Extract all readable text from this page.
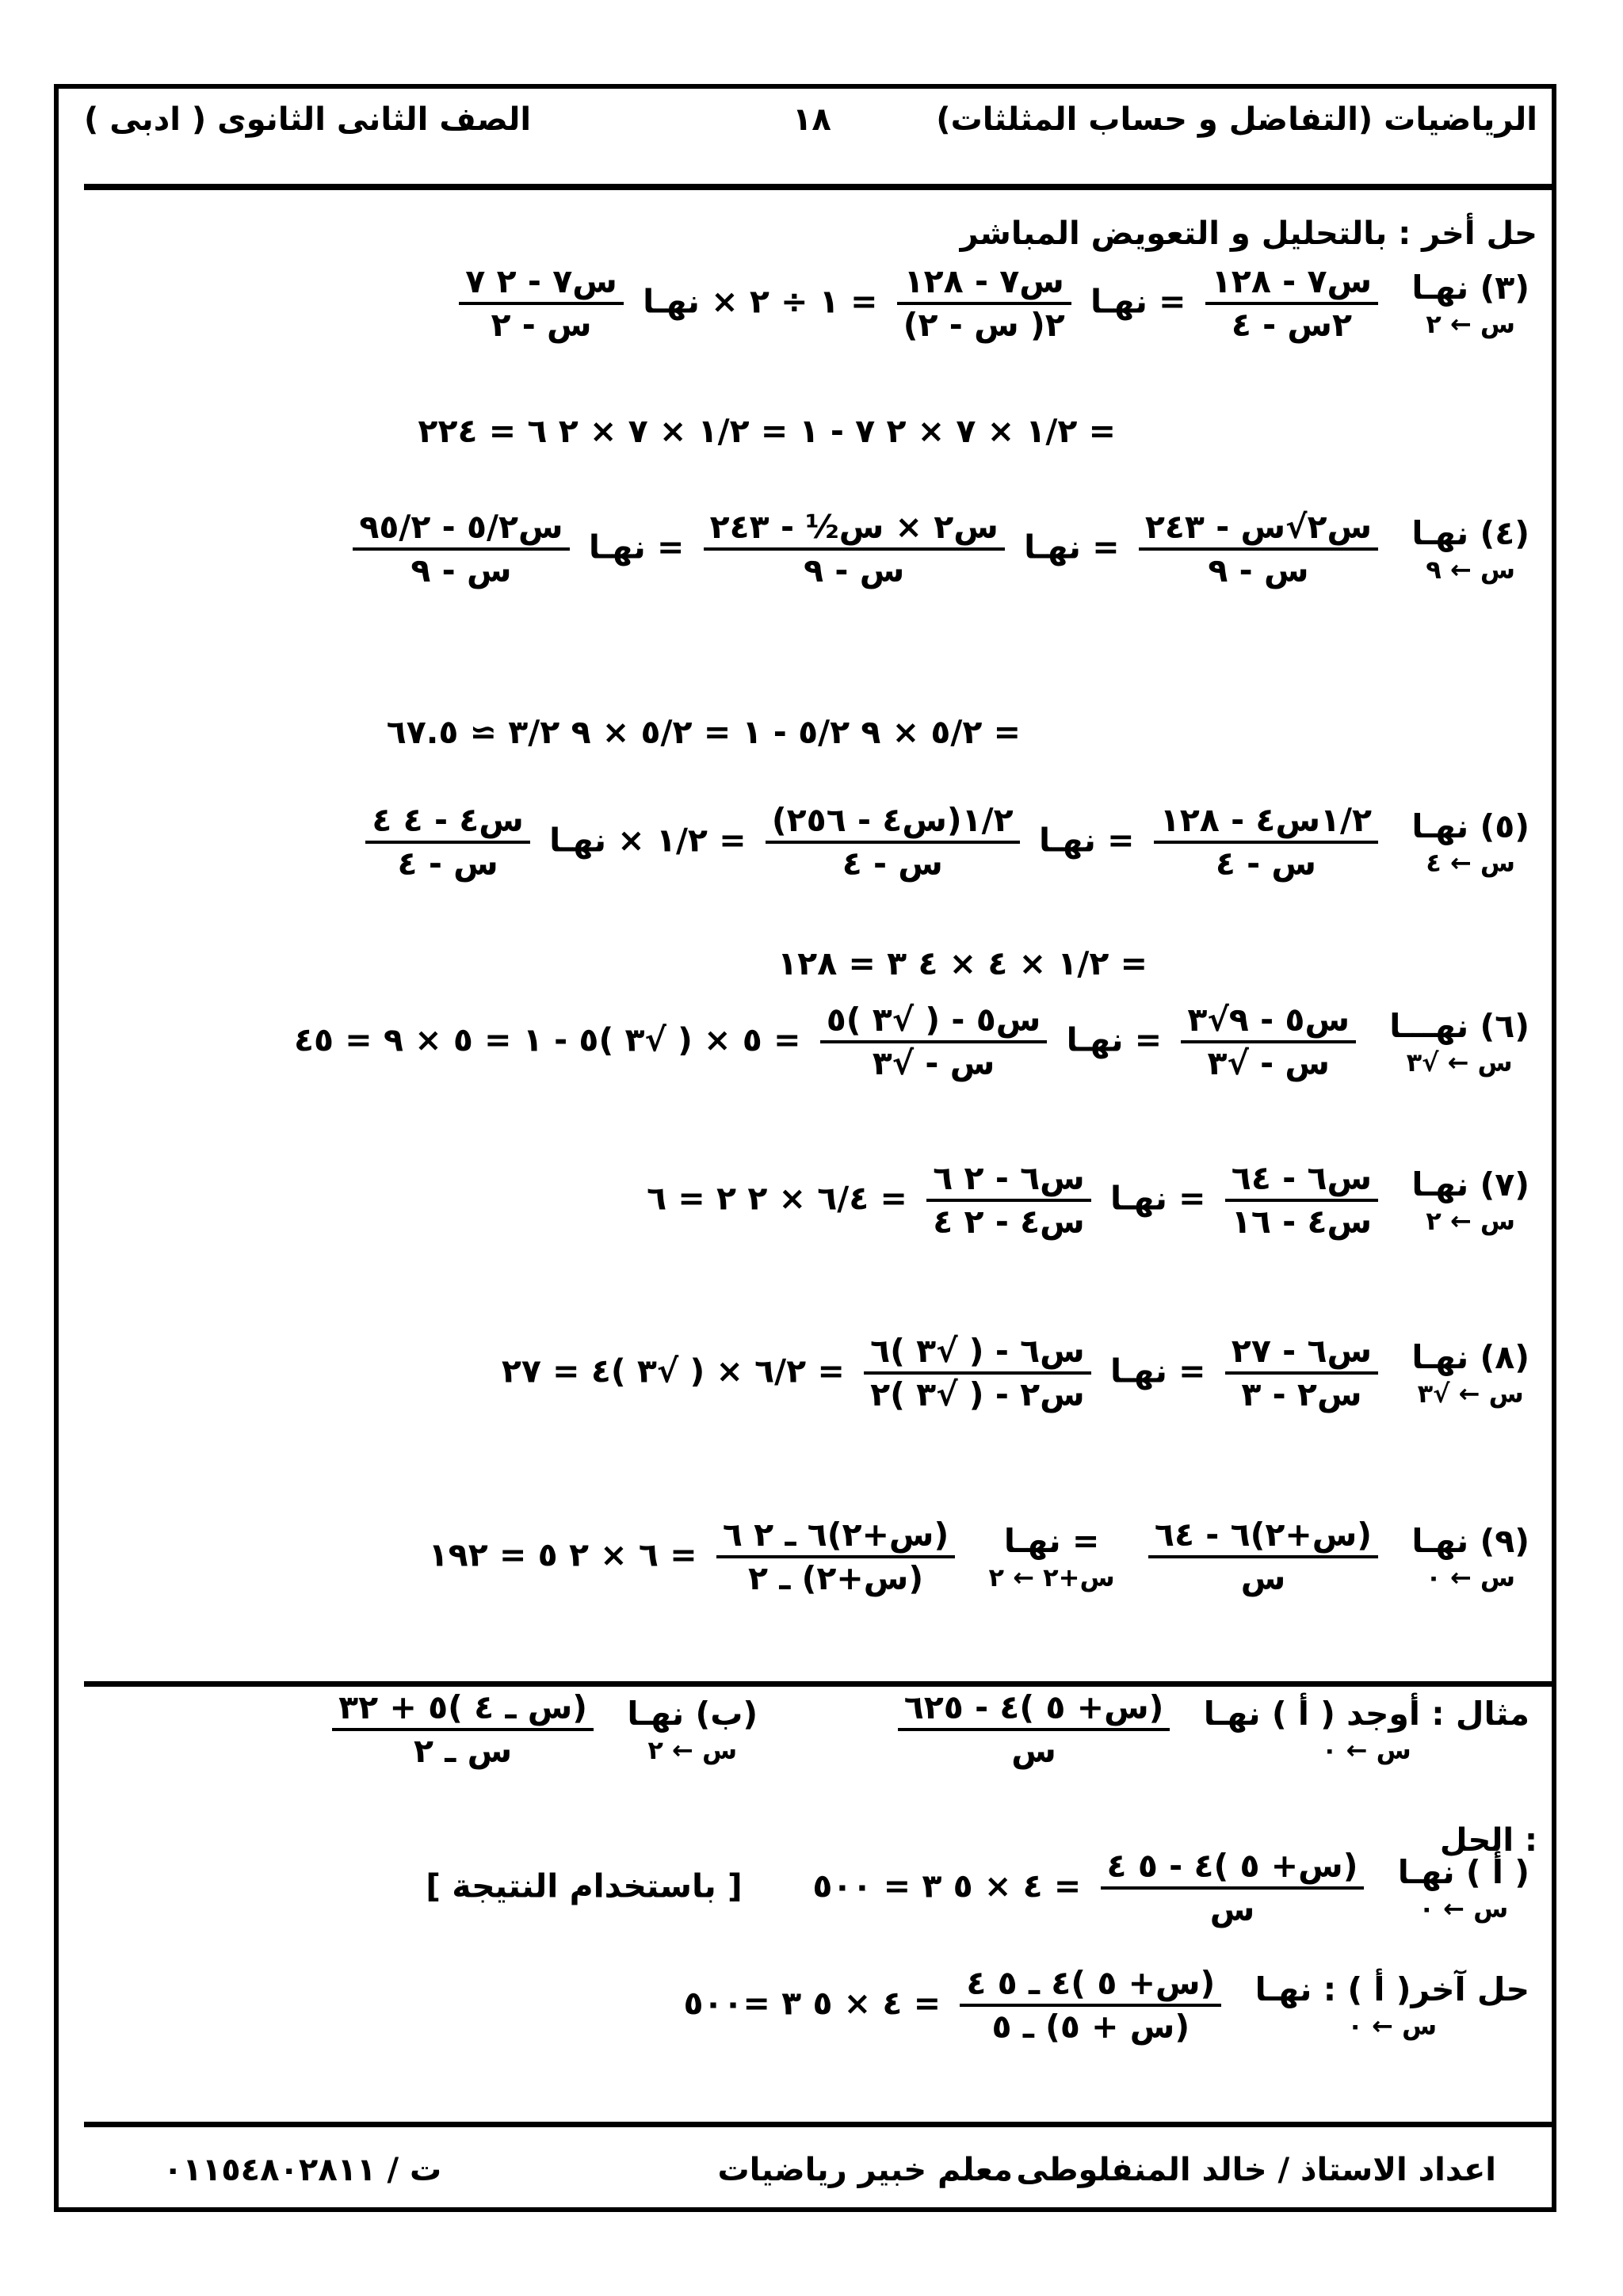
الرياضيات (التفاضل و حساب المثلثات)
١٨
الصف الثانى الثانوى ( ادبى )
حل أخر : بالتحليل و التعويض المباشر
(٣) نهـا
س ← ٢

$\frac{\text{س٧ - ١٢٨}}{\text{٢س - ٤}}$
= نهـا
$\frac{\text{س٧ - ١٢٨}}{\text{٢( س - ٢)}}$
= ١ ÷ ٢ × نهـا
$\frac{\text{س٧ - ٢ ٧}}{\text{س - ٢}}$
= ١/٢ × ٧ × ٢ ٧ - ١ = ١/٢ × ٧ × ٢ ٦ = ٢٢٤
(٤) نهـا
س ← ٩

$\frac{\text{س٢√س - ٢٤٣}}{\text{س - ٩}}$
= نهـا
$\frac{\text{س٢ × س½ - ٢٤٣}}{\text{س - ٩}}$
= نهـا
$\frac{\text{س٥/٢ - ٩٥/٢}}{\text{س - ٩}}$
= ٥/٢ × ٩ ٥/٢ - ١ = ٥/٢ × ٩ ٣/٢ ≃ ٦٧.٥
(٥) نهـا
س ← ٤

$\frac{\text{١/٢س٤ - ١٢٨}}{\text{س - ٤}}$
= نهـا
$\frac{\text{١/٢(س٤ - ٢٥٦)}}{\text{س - ٤}}$
= ١/٢ × نهـا
$\frac{\text{س٤ - ٤ ٤}}{\text{س - ٤}}$
= ١/٢ × ٤ × ٤ ٣ = ١٢٨
(٦) نهـــا
س ← √٣

$\frac{\text{س٥ - ٩√٣}}{\text{س - √٣}}$
= نهـا
$\frac{\text{س٥ - ( √٣ )٥}}{\text{س - √٣}}$
= ٥ × ( √٣ )٥ - ١ = ٥ × ٩ = ٤٥
(٧) نهـا
س ← ٢

$\frac{\text{س٦ - ٦٤}}{\text{س٤ - ١٦}}$
= نهـا
$\frac{\text{س٦ - ٢ ٦}}{\text{س٤ - ٢ ٤}}$
= ٦/٤ × ٢ ٢ = ٦
(٨) نهـا
س ← √٣

$\frac{\text{س٦ - ٢٧}}{\text{س٢ - ٣}}$
= نهـا
$\frac{\text{س٦ - ( √٣ )٦}}{\text{س٢ - ( √٣ )٢}}$
= ٦/٢ × ( √٣ )٤ = ٢٧
(٩) نهـا
س ← ٠

$\frac{\text{(س+٢)٦ - ٦٤}}{\text{س}}$

= نهـا
س+٢ ← ٢

$\frac{\text{(س+٢)٦ ـ ٢ ٦}}{\text{(س+٢) ـ ٢}}$
= ٦ × ٢ ٥ = ١٩٢
مثال : أوجد ( أ ) نهـا
س ← ٠

$\frac{\text{(س+ ٥ )٤ - ٦٢٥}}{\text{س}}$

(ب) نهـا
س ← ٢

$\frac{\text{(س ـ ٤ )٥ + ٣٢}}{\text{س ـ ٢}}$
الحل :
( أ ) نهـا
س ← ٠

$\frac{\text{(س+ ٥ )٤ - ٥ ٤}}{\text{س}}$
= ٤ × ٥ ٣ = ٥٠٠  [ باستخدام النتيجة ]
حل آخر( أ ) : نهـا
س ← ٠

$\frac{\text{(س+ ٥ )٤ ـ ٥ ٤}}{\text{(س + ٥) ـ ٥}}$
= ٤ × ٥ ٣ =٥٠٠
اعداد الاستاذ / خالد المنفلوطى
معلم خبير رياضيات
ت / ٠١١٥٤٨٠٢٨١١
